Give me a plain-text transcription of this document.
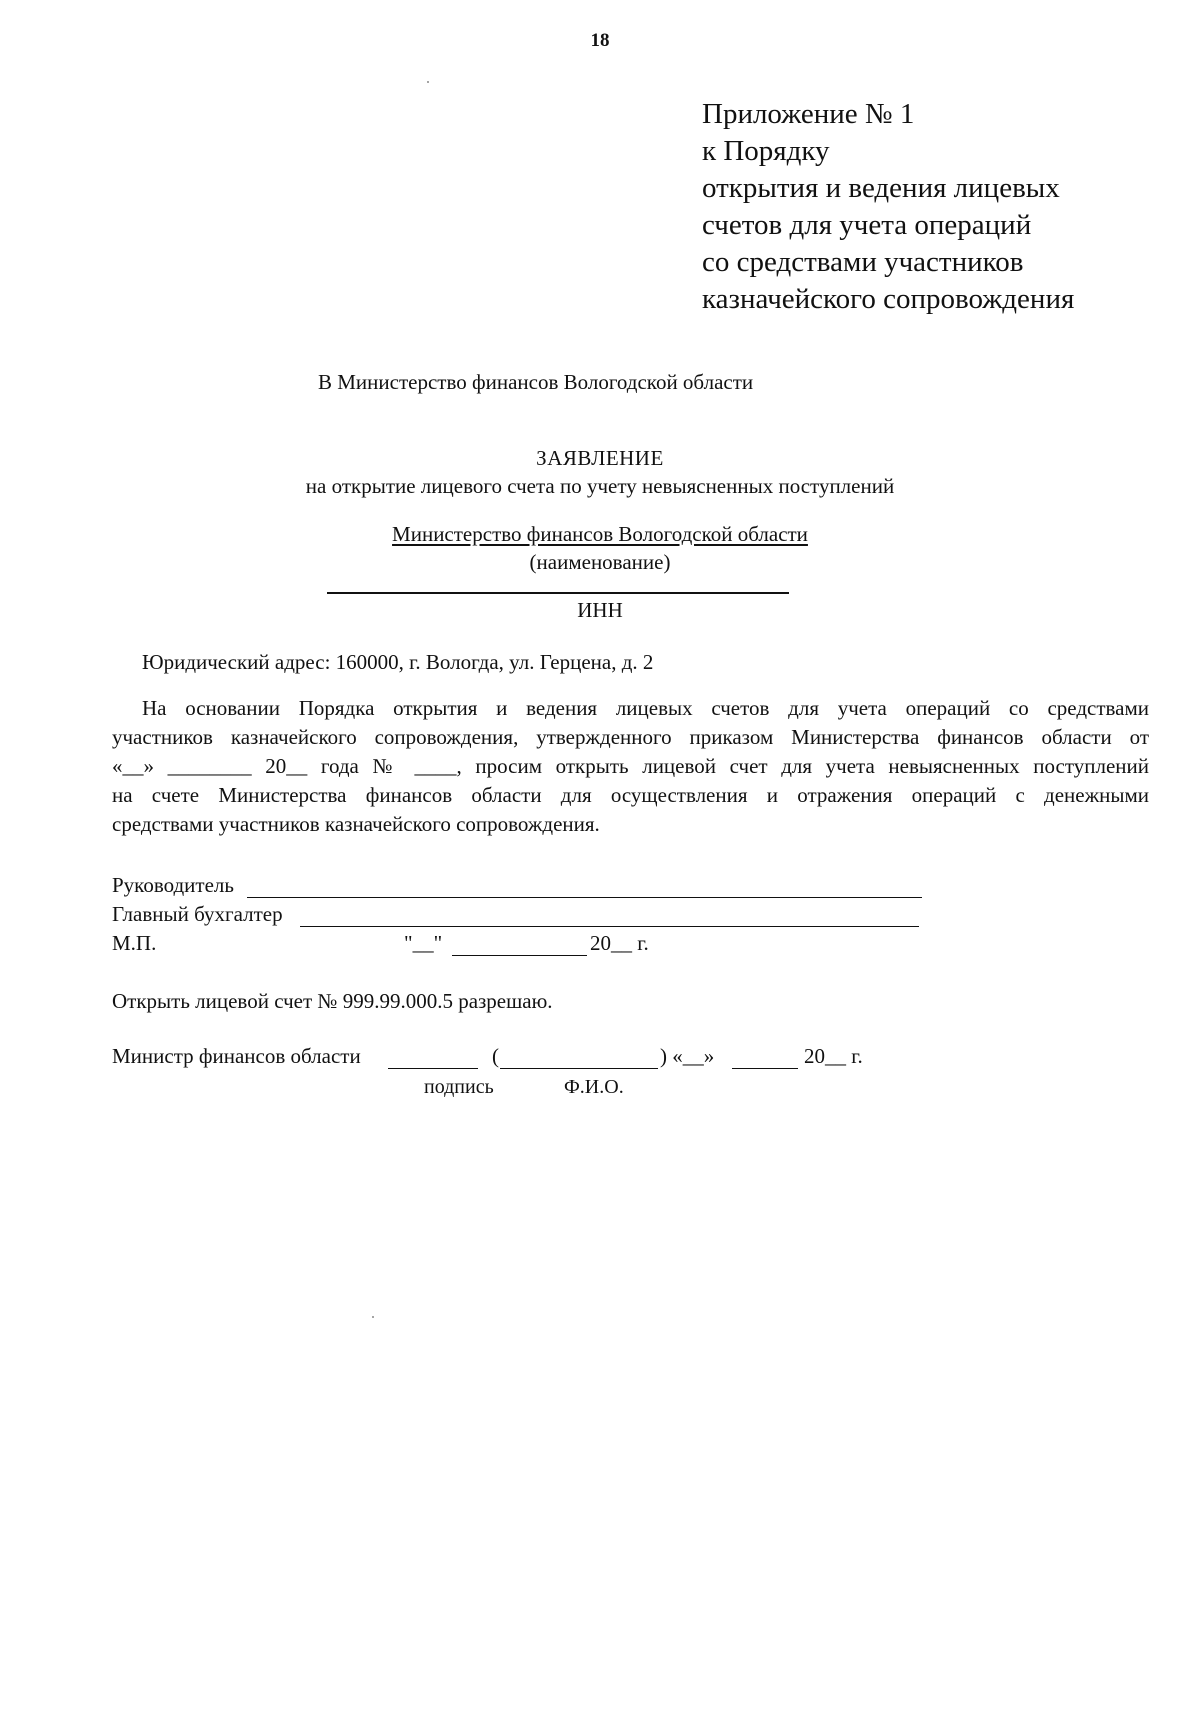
18
Приложение № 1
к Порядку
открытия и ведения лицевых
счетов для учета операций
со средствами участников
казначейского сопровождения
В Министерство финансов Вологодской области
ЗАЯВЛЕНИЕ
на открытие лицевого счета по учету невыясненных поступлений
Министерство финансов Вологодской области
(наименование)
ИНН
Юридический адрес: 160000, г. Вологда, ул. Герцена, д. 2
На основании Порядка открытия и ведения лицевых счетов для учета операций со средствами
участников казначейского сопровождения, утвержденного приказом Министерства финансов области от
«__» ________ 20__ года № ____, просим открыть лицевой счет для учета невыясненных поступлений
на счете Министерства финансов области для осуществления и отражения операций с денежными
средствами участников казначейского сопровождения.
Руководитель
Главный бухгалтер
М.П.	"__"	20__ г.
Открыть лицевой счет № 999.99.000.5 разрешаю.
Министр финансов области	(	) «__»	20__ г.
подпись	Ф.И.О.
